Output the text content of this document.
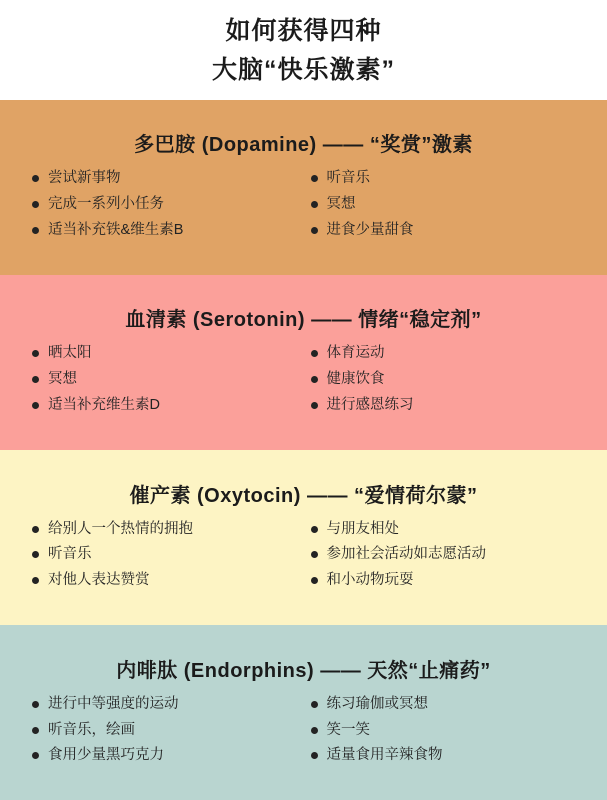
如何获得四种
大脑“快乐激素”
多巴胺 (Dopamine) —— “奖赏”激素
尝试新事物
完成一系列小任务
适当补充铁&维生素B
听音乐
冥想
进食少量甜食
血清素 (Serotonin) —— 情绪“稳定剂”
晒太阳
冥想
适当补充维生素D
体育运动
健康饮食
进行感恩练习
催产素 (Oxytocin) —— “爱情荷尔蒙”
给别人一个热情的拥抱
听音乐
对他人表达赞赏
与朋友相处
参加社会活动如志愿活动
和小动物玩耍
内啡肽 (Endorphins) —— 天然“止痛药”
进行中等强度的运动
听音乐，绘画
食用少量黑巧克力
练习瑜伽或冥想
笑一笑
适量食用辛辣食物
